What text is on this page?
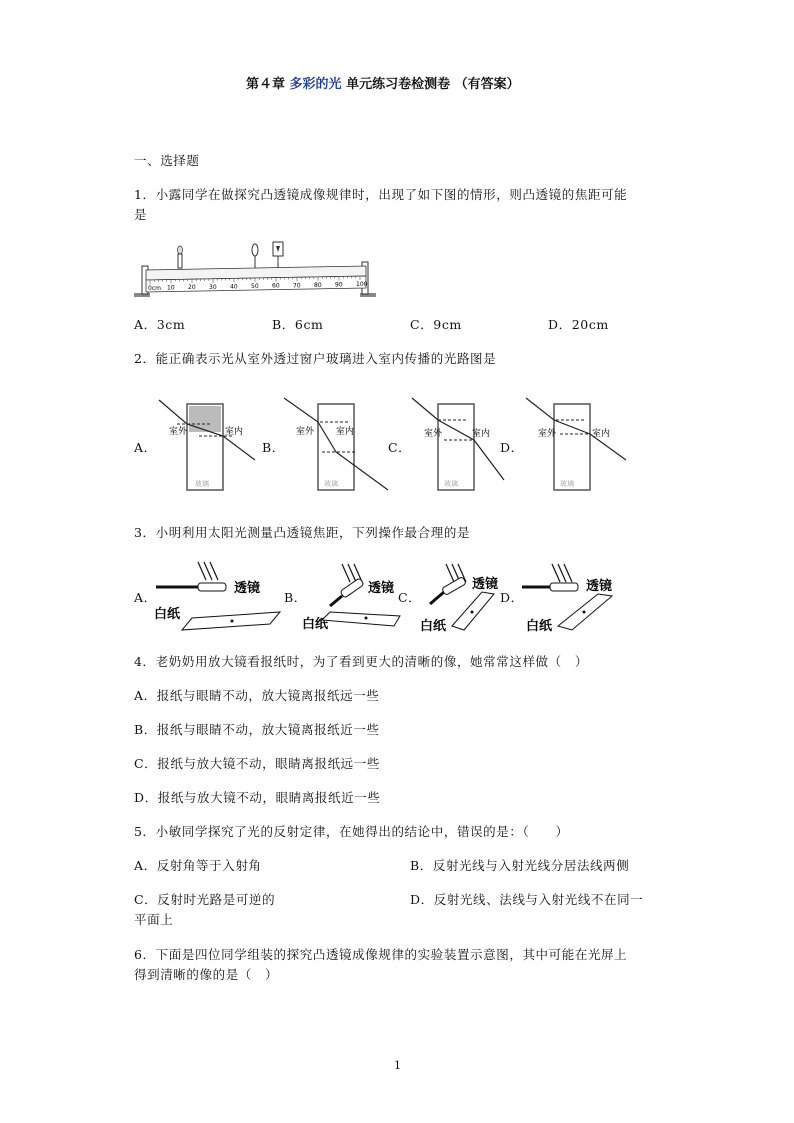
第４章 多彩的光 单元练习卷检测卷 （有答案）
一、选择题
1．小露同学在做探究凸透镜成像规律时，出现了如下图的情形，则凸透镜的焦距可能
是
0cm 10 20 30 40 50 60 70 80 90 100
A．3cm	B．6cm	C．9cm	D．20cm
2．能正确表示光从室外透过窗户玻璃进入室内传播的光路图是
A．	B．	C．	D．
室外	室内
玻璃
室外 室内
玻璃
室外	室内
玻璃
室外	室内
玻璃
3．小明利用太阳光测量凸透镜焦距，下列操作最合理的是
A．	B．	C．	D．
透镜
白纸
透镜
白纸
透镜
白纸
透镜
白纸
4．老奶奶用放大镜看报纸时，为了看到更大的清晰的像，她常常这样做（　）
A．报纸与眼睛不动，放大镜离报纸远一些
B．报纸与眼睛不动，放大镜离报纸近一些
C．报纸与放大镜不动，眼睛离报纸远一些
D．报纸与放大镜不动，眼睛离报纸近一些
5．小敏同学探究了光的反射定律，在她得出的结论中，错误的是：（　　）
A．反射角等于入射角	B．反射光线与入射光线分居法线两侧
C．反射时光路是可逆的	D．反射光线、法线与入射光线不在同一
平面上
6．下面是四位同学组装的探究凸透镜成像规律的实验装置示意图，其中可能在光屏上
得到清晰的像的是（　）
1
